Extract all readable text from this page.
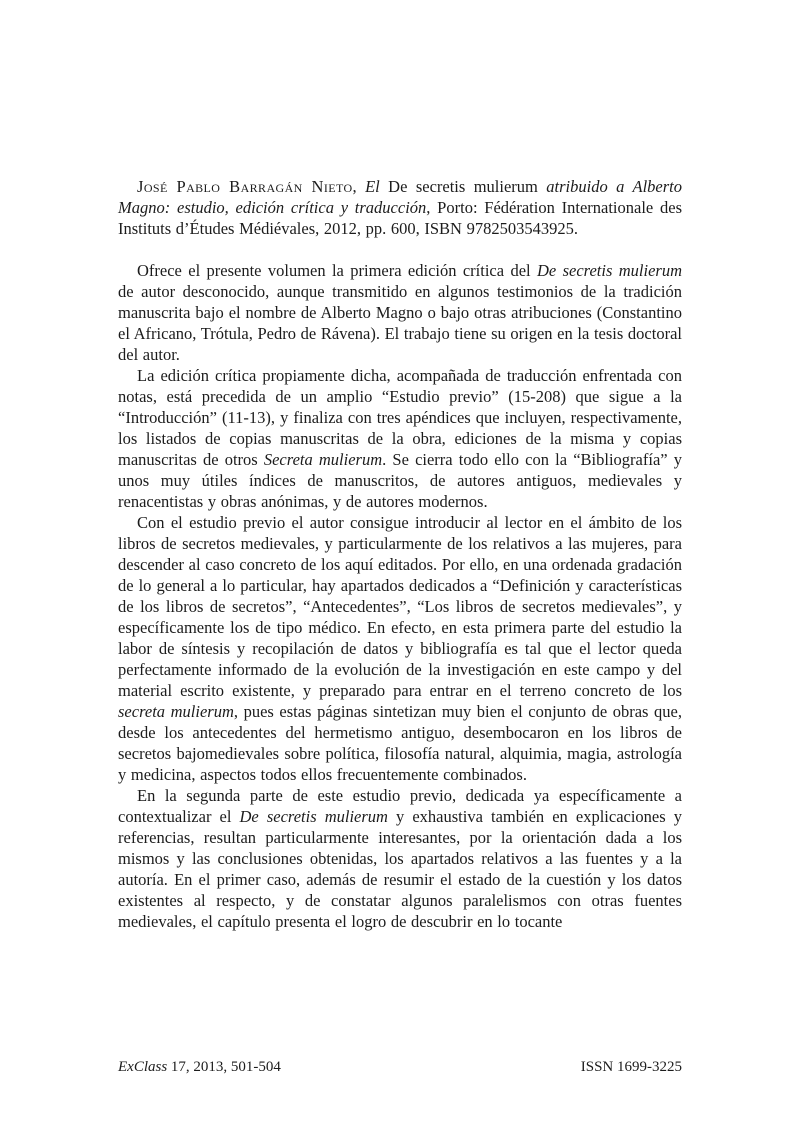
José Pablo Barragán Nieto, El De secretis mulierum atribuido a Alberto Magno: estudio, edición crítica y traducción, Porto: Fédération Internationale des Instituts d’Études Médiévales, 2012, pp. 600, ISBN 9782503543925.

Ofrece el presente volumen la primera edición crítica del De secretis mulierum de autor desconocido, aunque transmitido en algunos testimonios de la tradición manuscrita bajo el nombre de Alberto Magno o bajo otras atribuciones (Constantino el Africano, Trótula, Pedro de Rávena). El trabajo tiene su origen en la tesis doctoral del autor.

La edición crítica propiamente dicha, acompañada de traducción enfrentada con notas, está precedida de un amplio “Estudio previo” (15-208) que sigue a la “Introducción” (11-13), y finaliza con tres apéndices que incluyen, respectivamente, los listados de copias manuscritas de la obra, ediciones de la misma y copias manuscritas de otros Secreta mulierum. Se cierra todo ello con la “Bibliografía” y unos muy útiles índices de manuscritos, de autores antiguos, medievales y renacentistas y obras anónimas, y de autores modernos.

Con el estudio previo el autor consigue introducir al lector en el ámbito de los libros de secretos medievales, y particularmente de los relativos a las mujeres, para descender al caso concreto de los aquí editados. Por ello, en una ordenada gradación de lo general a lo particular, hay apartados dedicados a “Definición y características de los libros de secretos”, “Antecedentes”, “Los libros de secretos medievales”, y específicamente los de tipo médico. En efecto, en esta primera parte del estudio la labor de síntesis y recopilación de datos y bibliografía es tal que el lector queda perfectamente informado de la evolución de la investigación en este campo y del material escrito existente, y preparado para entrar en el terreno concreto de los secreta mulierum, pues estas páginas sintetizan muy bien el conjunto de obras que, desde los antecedentes del hermetismo antiguo, desembocaron en los libros de secretos bajomedievales sobre política, filosofía natural, alquimia, magia, astrología y medicina, aspectos todos ellos frecuentemente combinados.

En la segunda parte de este estudio previo, dedicada ya específicamente a contextualizar el De secretis mulierum y exhaustiva también en explicaciones y referencias, resultan particularmente interesantes, por la orientación dada a los mismos y las conclusiones obtenidas, los apartados relativos a las fuentes y a la autoría. En el primer caso, además de resumir el estado de la cuestión y los datos existentes al respecto, y de constatar algunos paralelismos con otras fuentes medievales, el capítulo presenta el logro de descubrir en lo tocante

ExClass 17, 2013, 501-504	ISSN 1699-3225
